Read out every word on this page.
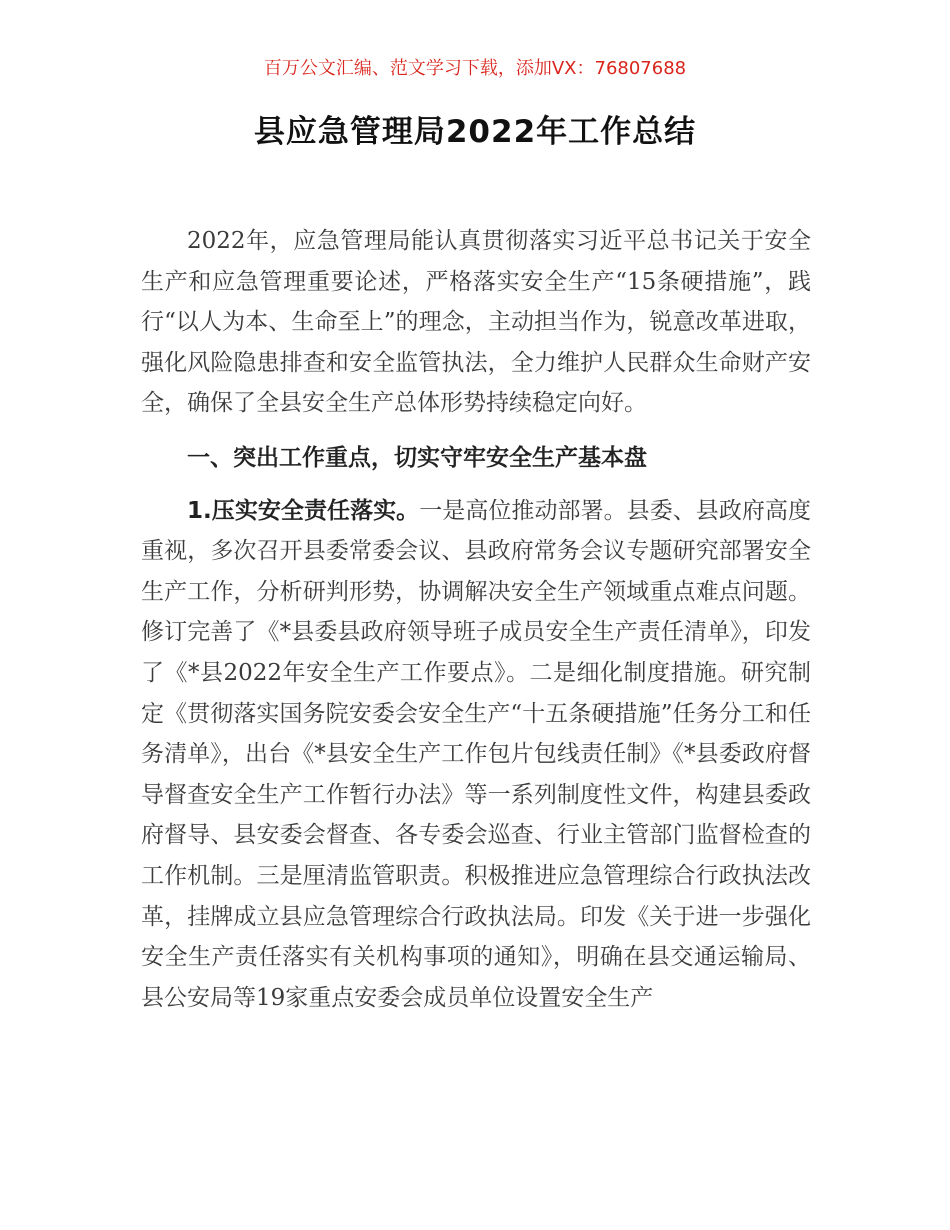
百万公文汇编、范文学习下载，添加VX：76807688
县应急管理局2022年工作总结

2022年，应急管理局能认真贯彻落实习近平总书记关于安全生产和应急管理重要论述，严格落实安全生产“15条硬措施”，践行“以人为本、生命至上”的理念，主动担当作为，锐意改革进取，强化风险隐患排查和安全监管执法，全力维护人民群众生命财产安全，确保了全县安全生产总体形势持续稳定向好。

一、突出工作重点，切实守牢安全生产基本盘

1.压实安全责任落实。一是高位推动部署。县委、县政府高度重视，多次召开县委常委会议、县政府常务会议专题研究部署安全生产工作，分析研判形势，协调解决安全生产领域重点难点问题。修订完善了《*县委县政府领导班子成员安全生产责任清单》，印发了《*县2022年安全生产工作要点》。二是细化制度措施。研究制定《贯彻落实国务院安委会安全生产“十五条硬措施”任务分工和任务清单》，出台《*县安全生产工作包片包线责任制》《*县委政府督导督查安全生产工作暂行办法》等一系列制度性文件，构建县委政府督导、县安委会督查、各专委会巡查、行业主管部门监督检查的工作机制。三是厘清监管职责。积极推进应急管理综合行政执法改革，挂牌成立县应急管理综合行政执法局。印发《关于进一步强化安全生产责任落实有关机构事项的通知》，明确在县交通运输局、县公安局等19家重点安委会成员单位设置安全生产
